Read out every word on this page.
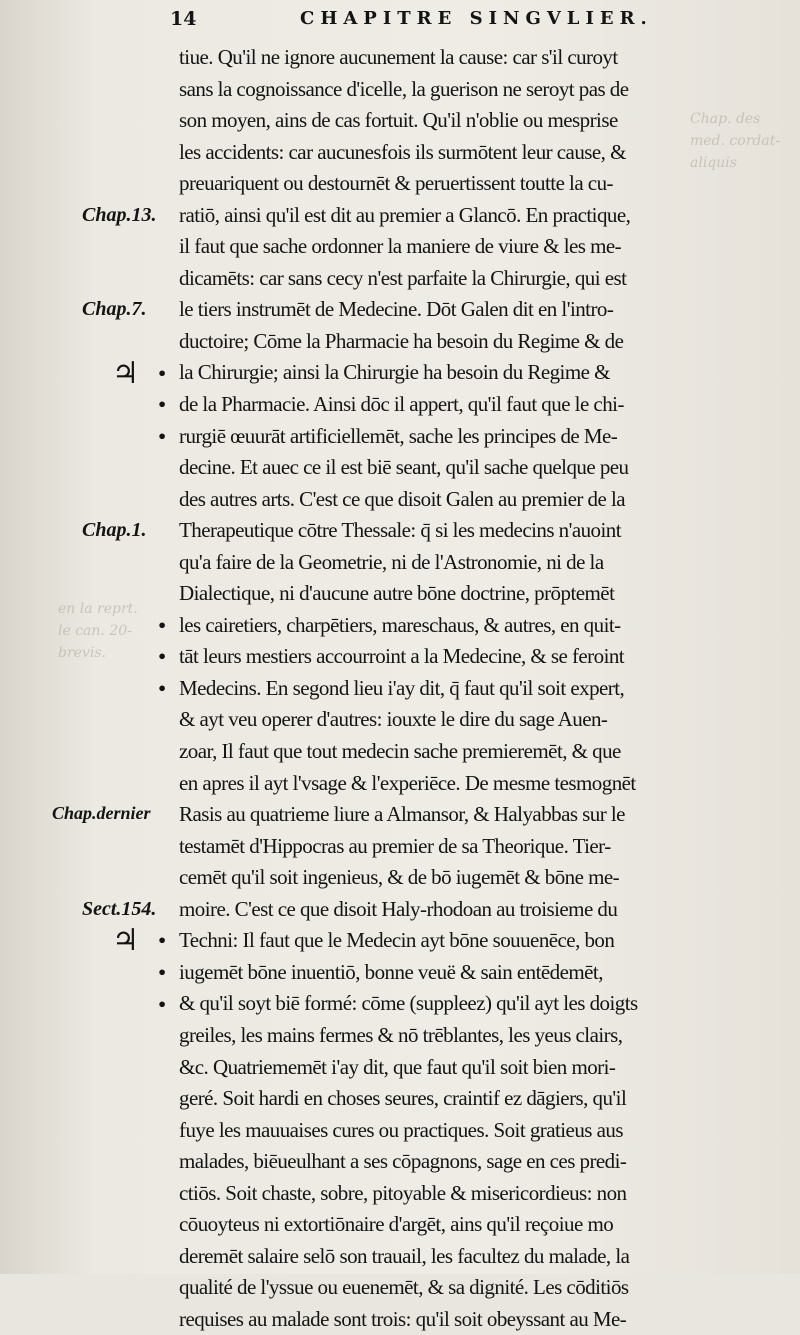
Chap. des
med. cordat-
aliquis
en la reprt.
le can. 20-
brevis.
14	CHAPITRE SINGVLIER.
tiue. Qu'il ne ignore aucunement la cause: car s'il curoyt
sans la cognoissance d'icelle, la guerison ne seroyt pas de
son moyen, ains de cas fortuit. Qu'il n'oblie ou mesprise
les accidents: car aucunesfois ils surmōtent leur cause, &
preuariquent ou destournēt & peruertissent toutte la cu-
ratiō, ainsi qu'il est dit au premier a Glancō. En practique,
il faut que sache ordonner la maniere de viure & les me-
dicamēts: car sans cecy n'est parfaite la Chirurgie, qui est
le tiers instrumēt de Medecine. Dōt Galen dit en l'intro-
ductoire; Cōme la Pharmacie ha besoin du Regime & de
la Chirurgie; ainsi la Chirurgie ha besoin du Regime &
de la Pharmacie. Ainsi dōc il appert, qu'il faut que le chi-
rurgiē œuurāt artificiellemēt, sache les principes de Me-
decine. Et auec ce il est biē seant, qu'il sache quelque peu
des autres arts. C'est ce que disoit Galen au premier de la
Therapeutique cōtre Thessale: q̄ si les medecins n'auoint
qu'a faire de la Geometrie, ni de l'Astronomie, ni de la
Dialectique, ni d'aucune autre bōne doctrine, prōptemēt
les cairetiers, charpētiers, mareschaus, & autres, en quit-
tāt leurs mestiers accourroint a la Medecine, & se feroint
Medecins. En segond lieu i'ay dit, q̄ faut qu'il soit expert,
& ayt veu operer d'autres: iouxte le dire du sage Auen-
zoar, Il faut que tout medecin sache premieremēt, & que
en apres il ayt l'vsage & l'experiēce. De mesme tesmognēt
Rasis au quatrieme liure a Almansor, & Halyabbas sur le
testamēt d'Hippocras au premier de sa Theorique. Tier-
cemēt qu'il soit ingenieus, & de bō iugemēt & bōne me-
moire. C'est ce que disoit Haly-rhodoan au troisieme du
Techni: Il faut que le Medecin ayt bōne souuenēce, bon
iugemēt bōne inuentiō, bonne veuë & sain entēdemēt,
& qu'il soyt biē formé: cōme (suppleez) qu'il ayt les doigts
greiles, les mains fermes & nō trēblantes, les yeus clairs,
&c. Quatriememēt i'ay dit, que faut qu'il soit bien mori-
geré. Soit hardi en choses seures, craintif ez dāgiers, qu'il
fuye les mauuaises cures ou practiques. Soit gratieus aus
malades, biēueulhant a ses cōpagnons, sage en ces predi-
ctiōs. Soit chaste, sobre, pitoyable & misericordieus: non
cōuoyteus ni extortiōnaire d'argēt, ains qu'il reçoiue mo
deremēt salaire selō son trauail, les facultez du malade, la
qualité de l'yssue ou euenemēt, & sa dignité. Les cōditiōs
requises au malade sont trois: qu'il soit obeyssant au Me-
Chap.13.
Chap.7.
Chap.1.
Chap.dernier
Sect.154.
♃
♃
•
•
•
•
•
•
•
•
•
